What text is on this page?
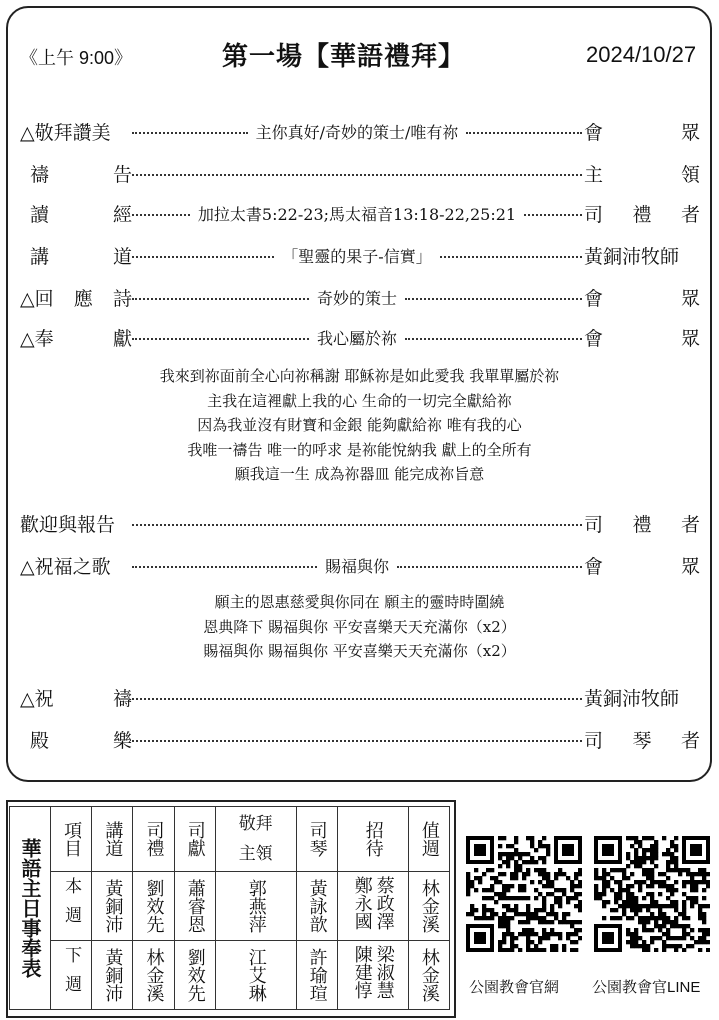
《上午 9:00》	第一場【華語禮拜】	2024/10/27
△敬拜讚美	主你真好/奇妙的策士/唯有祢	會	眾
禱	告	主	領
讀	經	加拉太書5:22-23;馬太福音13:18-22,25:21	司 禮 者
講	道	「聖靈的果子-信實」	黃銅沛牧師
△回 應 詩	奇妙的策士	會	眾
△奉	獻	我心屬於祢	會	眾
歡迎與報告	司 禮 者
△祝福之歌	賜福與你	會	眾
△祝	禱	黃銅沛牧師
殿	樂	司 琴 者
我來到祢面前全心向祢稱謝 耶穌祢是如此愛我 我單單屬於祢
主我在這裡獻上我的心 生命的一切完全獻給祢
因為我並沒有財寶和金銀 能夠獻給祢 唯有我的心
我唯一禱告 唯一的呼求 是祢能悅納我 獻上的全所有
願我這一生 成為祢器皿 能完成祢旨意
願主的恩惠慈愛與你同在 願主的靈時時圍繞
恩典降下 賜福與你 平安喜樂天天充滿你（x2）
賜福與你 賜福與你 平安喜樂天天充滿你（x2）
華語主日事奉表	項目	講道	司禮	司獻	敬拜主領	司琴	招待	值週
	本週	黃銅沛	劉效先	蕭睿恩	郭燕萍	黃詠歆	鄭永國蔡政澤	林金溪
	下週	黃銅沛	林金溪	劉效先	江艾琳	許瑜瑄	陳建惇梁淑慧	林金溪 公園教會官網 公園教會官LINE
